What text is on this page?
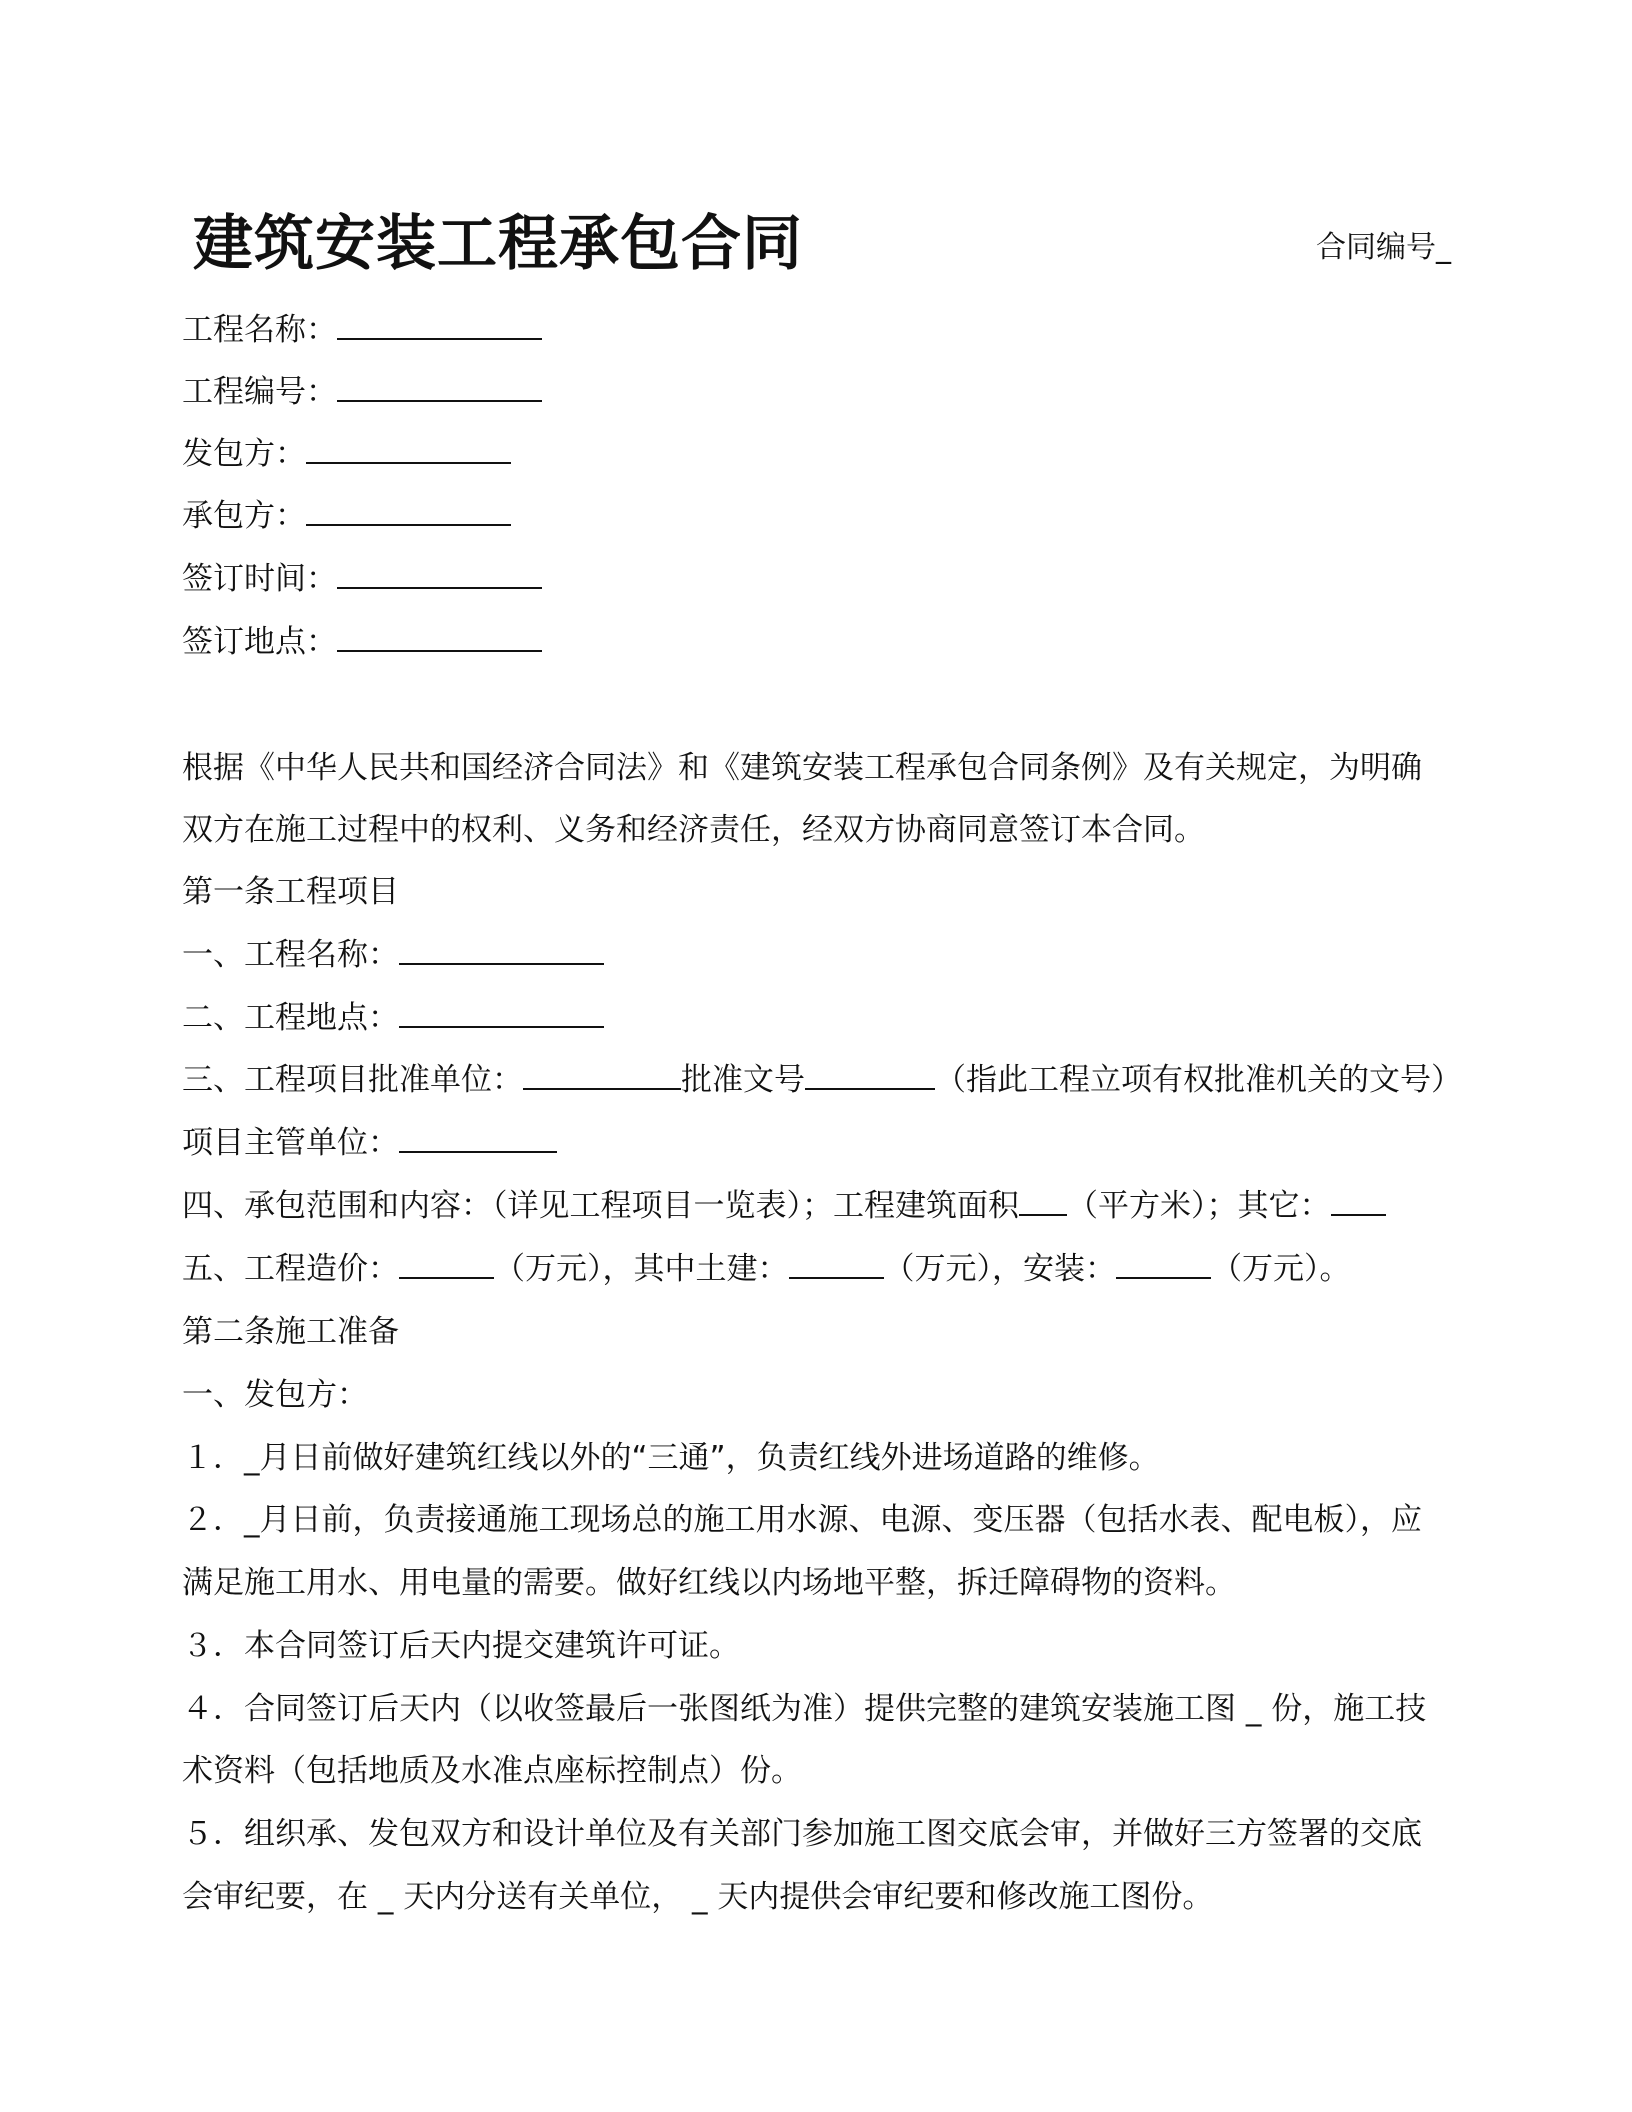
建筑安装工程承包合同	合同编号_
工程名称：
工程编号：
发包方：
承包方：
签订时间：
签订地点：
根据《中华人民共和国经济合同法》和《建筑安装工程承包合同条例》及有关规定，为明确
双方在施工过程中的权利、义务和经济责任，经双方协商同意签订本合同。
第一条工程项目
一、工程名称：
二、工程地点：
三、工程项目批准单位：	批准文号	（指此工程立项有权批准机关的文号）
项目主管单位：
四、承包范围和内容：（详见工程项目一览表）；工程建筑面积 （平方米）；其它：
五、工程造价：	（万元），其中土建：	（万元），安装：	（万元）。
第二条施工准备
一、发包方：
１．_月日前做好建筑红线以外的“三通”，负责红线外进场道路的维修。
２．_月日前，负责接通施工现场总的施工用水源、电源、变压器（包括水表、配电板），应
满足施工用水、用电量的需要。做好红线以内场地平整，拆迁障碍物的资料。
３．本合同签订后天内提交建筑许可证。
４．合同签订后天内（以收签最后一张图纸为准）提供完整的建筑安装施工图 _ 份，施工技
术资料（包括地质及水准点座标控制点）份。
５．组织承、发包双方和设计单位及有关部门参加施工图交底会审，并做好三方签署的交底
会审纪要，在 _ 天内分送有关单位， _ 天内提供会审纪要和修改施工图份。
